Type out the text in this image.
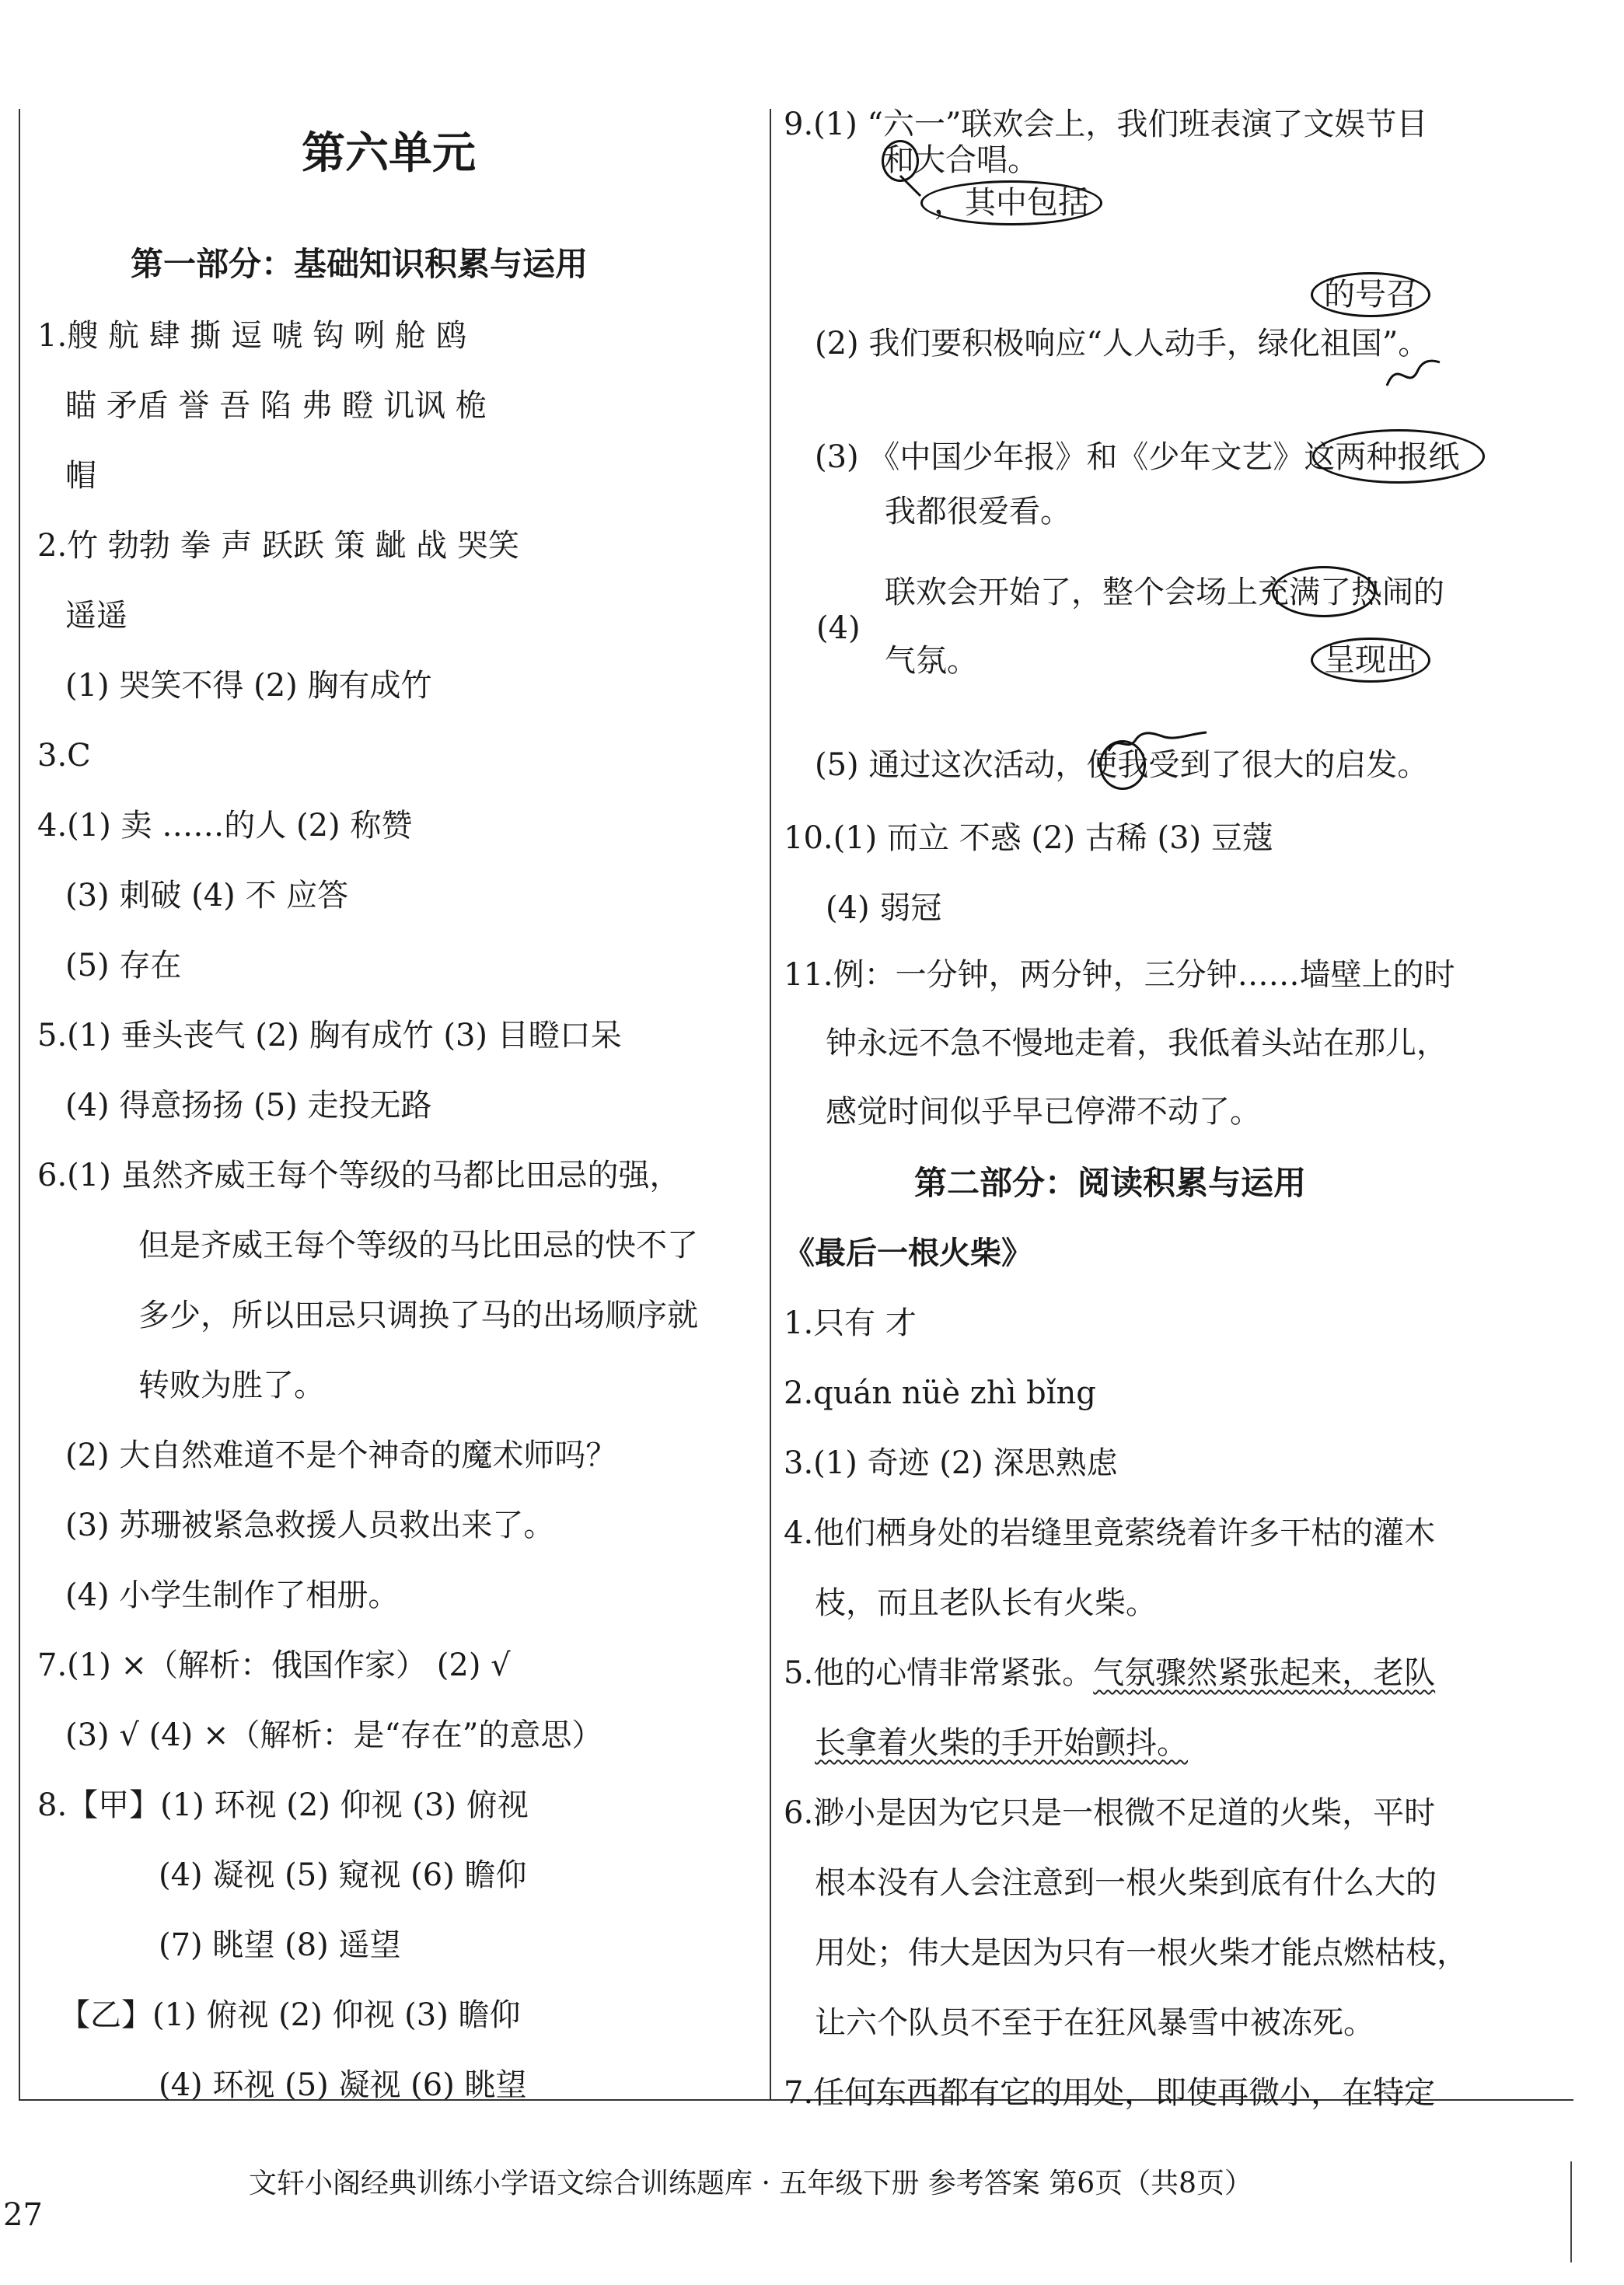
第六单元
第一部分：基础知识积累与运用
1.艘 航 肆 撕 逗 唬 钩 咧 舱 鸥
瞄 矛盾 誉 吾 陷 弗 瞪 讥讽 桅
帽
2.竹 勃勃 拳 声 跃跃 策 龇 战 哭笑
遥遥
(1) 哭笑不得 (2) 胸有成竹
3.C
4.(1) 卖 ……的人 (2) 称赞
(3) 刺破 (4) 不 应答
(5) 存在
5.(1) 垂头丧气 (2) 胸有成竹 (3) 目瞪口呆
(4) 得意扬扬 (5) 走投无路
6.(1) 虽然齐威王每个等级的马都比田忌的强，
但是齐威王每个等级的马比田忌的快不了
多少，所以田忌只调换了马的出场顺序就
转败为胜了。
(2) 大自然难道不是个神奇的魔术师吗？
(3) 苏珊被紧急救援人员救出来了。
(4) 小学生制作了相册。
7.(1) ×（解析：俄国作家） (2) √
(3) √ (4) ×（解析：是“存在”的意思）
8.【甲】(1) 环视 (2) 仰视 (3) 俯视
(4) 凝视 (5) 窥视 (6) 瞻仰
(7) 眺望 (8) 遥望
【乙】(1) 俯视 (2) 仰视 (3) 瞻仰
(4) 环视 (5) 凝视 (6) 眺望
9.(1) “六一”联欢会上，我们班表演了文娱节目
和大合唱。
，其中包括
的号召
(2) 我们要积极响应“人人动手，绿化祖国”。
(3) 《中国少年报》和《少年文艺》这两种报纸
我都很爱看。
联欢会开始了，整个会场上充满了热闹的
(4)
气氛。	呈现出
(5) 通过这次活动，使我受到了很大的启发。
10.(1) 而立 不惑 (2) 古稀 (3) 豆蔻
(4) 弱冠
11.例：一分钟，两分钟，三分钟……墙壁上的时
钟永远不急不慢地走着，我低着头站在那儿，
感觉时间似乎早已停滞不动了。
第二部分：阅读积累与运用
《最后一根火柴》
1.只有 才
2.quán nüè zhì bǐng
3.(1) 奇迹 (2) 深思熟虑
4.他们栖身处的岩缝里竟萦绕着许多干枯的灌木
枝，而且老队长有火柴。
5.他的心情非常紧张。气氛骤然紧张起来，老队
长拿着火柴的手开始颤抖。
6.渺小是因为它只是一根微不足道的火柴，平时
根本没有人会注意到一根火柴到底有什么大的
用处；伟大是因为只有一根火柴才能点燃枯枝，
让六个队员不至于在狂风暴雪中被冻死。
7.任何东西都有它的用处，即使再微小，在特定
文轩小阁经典训练小学语文综合训练题库 · 五年级下册 参考答案 第6页（共8页）
27
